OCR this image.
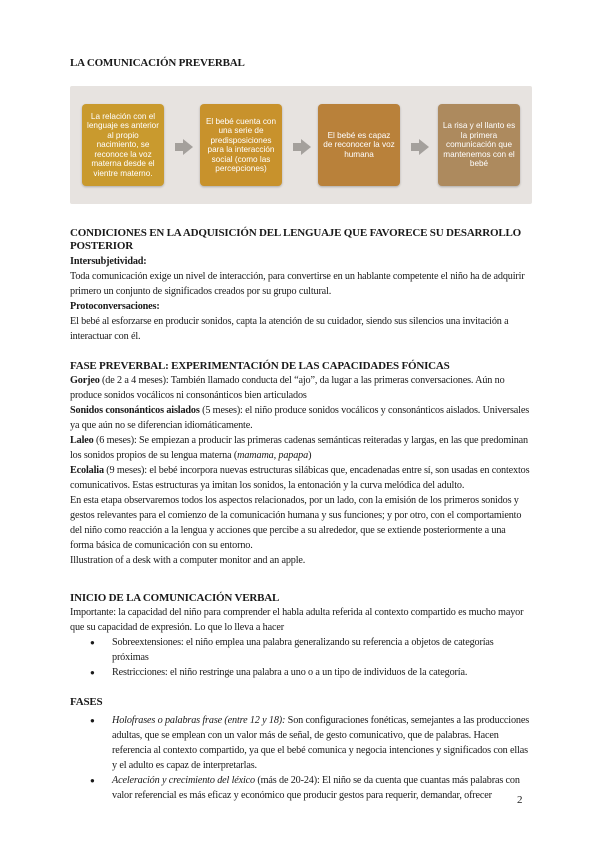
LA COMUNICACIÓN PREVERBAL
La relación con el lenguaje es anterior al propio nacimiento, se reconoce la voz materna desde el vientre materno.
El bebé cuenta con una serie de predisposiciones para la interacción social (como las percepciones)
El bebé es capaz de reconocer la voz humana
La risa y el llanto es la primera comunicación que mantenemos con el bebé
CONDICIONES EN LA ADQUISICIÓN DEL LENGUAJE QUE FAVORECE SU DESARROLLO POSTERIOR
Intersubjetividad:
Toda comunicación exige un nivel de interacción, para convertirse en un hablante competente el niño ha de adquirir primero un conjunto de significados creados por su grupo cultural.
Protoconversaciones:
El bebé al esforzarse en producir sonidos, capta la atención de su cuidador, siendo sus silencios una invitación a interactuar con él.
FASE PREVERBAL: EXPERIMENTACIÓN DE LAS CAPACIDADES FÓNICAS
Gorjeo (de 2 a 4 meses): También llamado conducta del “ajo”, da lugar a las primeras conversaciones. Aún no produce sonidos vocálicos ni consonánticos bien articulados
Sonidos consonánticos aislados (5 meses): el niño produce sonidos vocálicos y consonánticos aislados. Universales ya que aún no se diferencian idiomáticamente.
Laleo (6 meses): Se empiezan a producir las primeras cadenas semánticas reiteradas y largas, en las que predominan los sonidos propios de su lengua materna (mamama, papapa)
Ecolalia (9 meses): el bebé incorpora nuevas estructuras silábicas que, encadenadas entre sí, son usadas en contextos comunicativos. Estas estructuras ya imitan los sonidos, la entonación y la curva melódica del adulto.
En esta etapa observaremos todos los aspectos relacionados, por un lado, con la emisión de los primeros sonidos y gestos relevantes para el comienzo de la comunicación humana y sus funciones; y por otro, con el comportamiento del niño como reacción a la lengua y acciones que percibe a su alrededor, que se extiende posteriormente a una forma básica de comunicación con su entorno.
Illustration of a desk with a computer monitor and an apple.
INICIO DE LA COMUNICACIÓN VERBAL
Importante: la capacidad del niño para comprender el habla adulta referida al contexto compartido es mucho mayor que su capacidad de expresión. Lo que lo lleva a hacer
● Sobreextensiones: el niño emplea una palabra generalizando su referencia a objetos de categorías próximas
● Restricciones: el niño restringe una palabra a uno o a un tipo de individuos de la categoría.
FASES
● Holofrases o palabras frase (entre 12 y 18): Son configuraciones fonéticas, semejantes a las producciones adultas, que se emplean con un valor más de señal, de gesto comunicativo, que de palabras. Hacen referencia al contexto compartido, ya que el bebé comunica y negocia intenciones y significados con ellas y el adulto es capaz de interpretarlas.
● Aceleración y crecimiento del léxico (más de 20-24): El niño se da cuenta que cuantas más palabras con valor referencial es más eficaz y económico que producir gestos para requerir, demandar, ofrecer	2
